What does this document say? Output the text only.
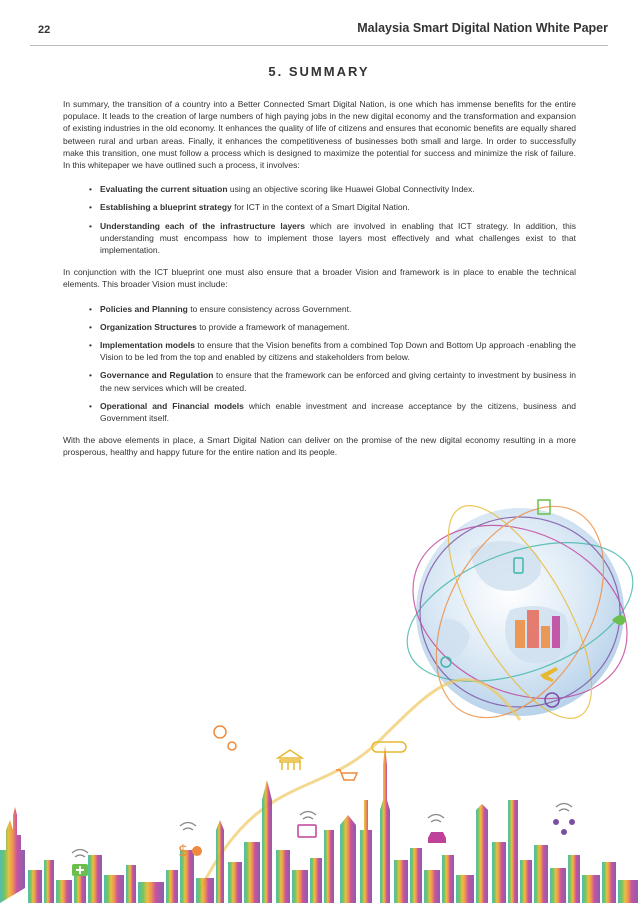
22	Malaysia Smart Digital Nation White Paper
5. SUMMARY

In summary, the transition of a country into a Better Connected Smart Digital Nation, is one which has immense benefits for the entire populace. It leads to the creation of large numbers of high paying jobs in the new digital economy and the transformation and expansion of existing industries in the old economy. It enhances the quality of life of citizens and ensures that economic benefits are equally shared between rural and urban areas. Finally, it enhances the competitiveness of businesses both small and large. In order to successfully make this transition, one must follow a process which is designed to maximize the potential for success and minimize the risk of failure. In this whitepaper we have outlined such a process, it involves:

• Evaluating the current situation using an objective scoring like Huawei Global Connectivity Index.
• Establishing a blueprint strategy for ICT in the context of a Smart Digital Nation.
• Understanding each of the infrastructure layers which are involved in enabling that ICT strategy. In addition, this understanding must encompass how to implement those layers most effectively and what challenges exist to that implementation.

In conjunction with the ICT blueprint one must also ensure that a broader Vision and framework is in place to enable the technical elements. This broader Vision must include:

• Policies and Planning to ensure consistency across Government.
• Organization Structures to provide a framework of management.
• Implementation models to ensure that the Vision benefits from a combined Top Down and Bottom Up approach -enabling the Vision to be led from the top and enabled by citizens and stakeholders from below.
• Governance and Regulation to ensure that the framework can be enforced and giving certainty to investment by business in the new services which will be created.
• Operational and Financial models which enable investment and increase acceptance by the citizens, business and Government itself.

With the above elements in place, a Smart Digital Nation can deliver on the promise of the new digital economy resulting in a more prosperous, healthy and happy future for the entire nation and its people.

$
